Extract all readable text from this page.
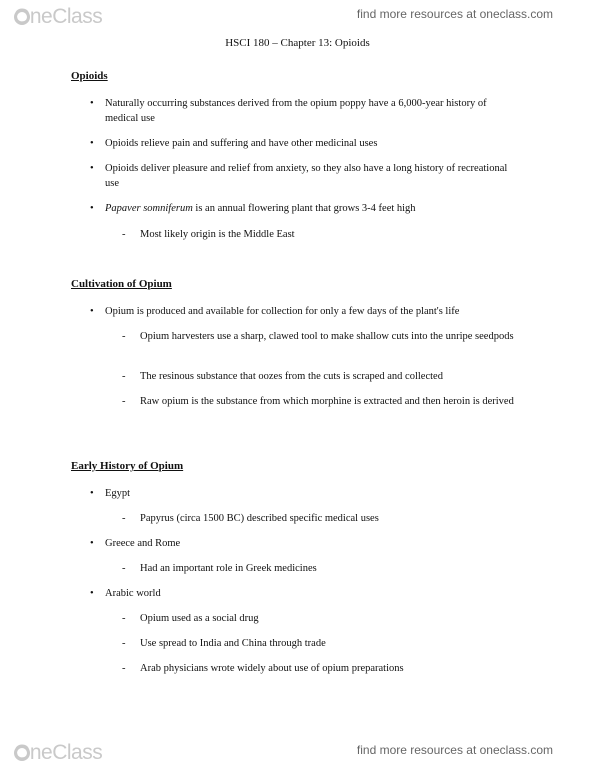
OneClass	find more resources at oneclass.com
HSCI 180 – Chapter 13: Opioids
Opioids
• Naturally occurring substances derived from the opium poppy have a 6,000-year history of medical use
• Opioids relieve pain and suffering and have other medicinal uses
• Opioids deliver pleasure and relief from anxiety, so they also have a long history of recreational use
• Papaver somniferum is an annual flowering plant that grows 3-4 feet high
- Most likely origin is the Middle East
Cultivation of Opium
• Opium is produced and available for collection for only a few days of the plant's life
- Opium harvesters use a sharp, clawed tool to make shallow cuts into the unripe seedpods
- The resinous substance that oozes from the cuts is scraped and collected
- Raw opium is the substance from which morphine is extracted and then heroin is derived
Early History of Opium
• Egypt
- Papyrus (circa 1500 BC) described specific medical uses
• Greece and Rome
- Had an important role in Greek medicines
• Arabic world
- Opium used as a social drug
- Use spread to India and China through trade
- Arab physicians wrote widely about use of opium preparations
OneClass	find more resources at oneclass.com
